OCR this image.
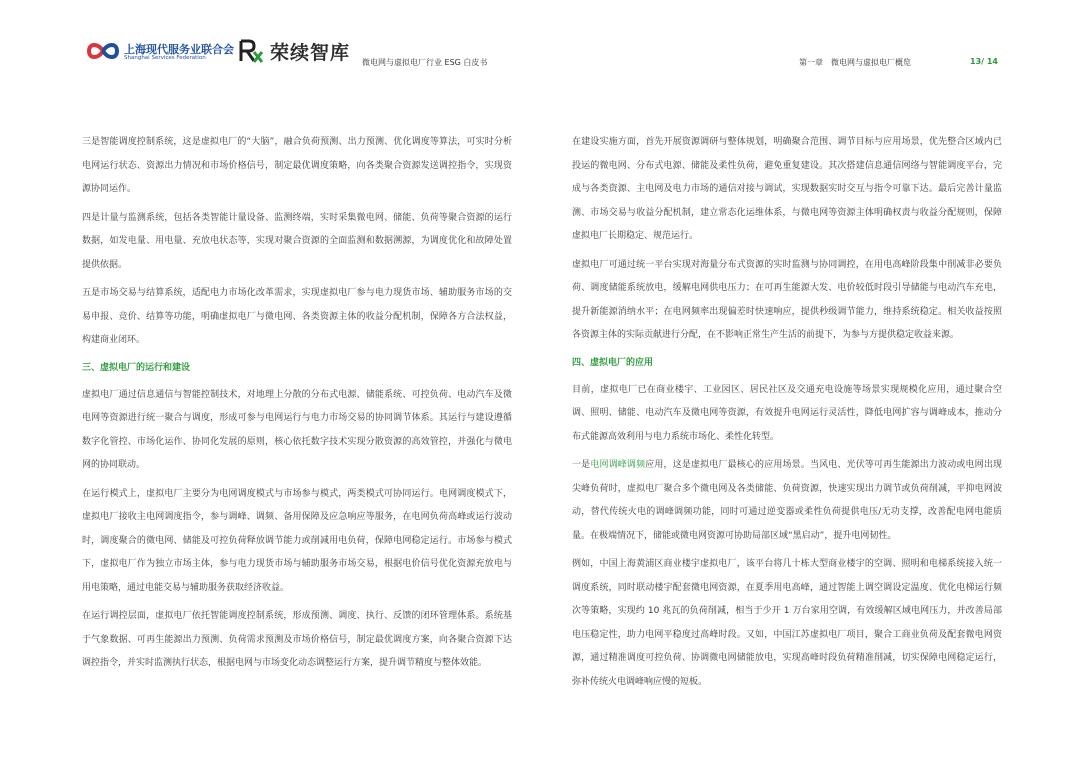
上海现代服务业联合会
Shanghai Services Federation	荣续智库 微电网与虚拟电厂行业 ESG 白皮书	第一章　微电网与虚拟电厂概览	13/ 14

三是智能调度控制系统，这是虚拟电厂的“大脑”，融合负荷预测、出力预测、优化调度等算法，可实时分析电网运行状态、资源出力情况和市场价格信号，制定最优调度策略，向各类聚合资源发送调控指令，实现资源协同运作。

四是计量与监测系统，包括各类智能计量设备、监测终端，实时采集微电网、储能、负荷等聚合资源的运行数据，如发电量、用电量、充放电状态等，实现对聚合资源的全面监测和数据溯源，为调度优化和故障处置提供依据。

五是市场交易与结算系统，适配电力市场化改革需求，实现虚拟电厂参与电力现货市场、辅助服务市场的交易申报、竞价、结算等功能，明确虚拟电厂与微电网、各类资源主体的收益分配机制，保障各方合法权益，构建商业闭环。

三、虚拟电厂的运行和建设

虚拟电厂通过信息通信与智能控制技术，对地理上分散的分布式电源、储能系统、可控负荷、电动汽车及微电网等资源进行统一聚合与调度，形成可参与电网运行与电力市场交易的协同调节体系。其运行与建设遵循数字化管控、市场化运作、协同化发展的原则，核心依托数字技术实现分散资源的高效管控，并强化与微电网的协同联动。

在运行模式上，虚拟电厂主要分为电网调度模式与市场参与模式，两类模式可协同运行。电网调度模式下，虚拟电厂接收主电网调度指令，参与调峰、调频、备用保障及应急响应等服务，在电网负荷高峰或运行波动时，调度聚合的微电网、储能及可控负荷释放调节能力或削减用电负荷，保障电网稳定运行。市场参与模式下，虚拟电厂作为独立市场主体，参与电力现货市场与辅助服务市场交易，根据电价信号优化资源充放电与用电策略，通过电能交易与辅助服务获取经济收益。

在运行调控层面，虚拟电厂依托智能调度控制系统，形成预测、调度、执行、反馈的闭环管理体系。系统基于气象数据、可再生能源出力预测、负荷需求预测及市场价格信号，制定最优调度方案，向各聚合资源下达调控指令，并实时监测执行状态，根据电网与市场变化动态调整运行方案，提升调节精度与整体效能。

在建设实施方面，首先开展资源调研与整体规划，明确聚合范围、调节目标与应用场景，优先整合区域内已投运的微电网、分布式电源、储能及柔性负荷，避免重复建设。其次搭建信息通信网络与智能调度平台，完成与各类资源、主电网及电力市场的通信对接与调试，实现数据实时交互与指令可靠下达。最后完善计量监测、市场交易与收益分配机制，建立常态化运维体系，与微电网等资源主体明确权责与收益分配规则，保障虚拟电厂长期稳定、规范运行。

虚拟电厂可通过统一平台实现对海量分布式资源的实时监测与协同调控，在用电高峰阶段集中削减非必要负荷、调度储能系统放电，缓解电网供电压力；在可再生能源大发、电价较低时段引导储能与电动汽车充电，提升新能源消纳水平；在电网频率出现偏差时快速响应，提供秒级调节能力，维持系统稳定。相关收益按照各资源主体的实际贡献进行分配，在不影响正常生产生活的前提下，为参与方提供稳定收益来源。

四、虚拟电厂的应用

目前，虚拟电厂已在商业楼宇、工业园区、居民社区及交通充电设施等场景实现规模化应用，通过聚合空调、照明、储能、电动汽车及微电网等资源，有效提升电网运行灵活性，降低电网扩容与调峰成本，推动分布式能源高效利用与电力系统市场化、柔性化转型。

一是电网调峰调频应用，这是虚拟电厂最核心的应用场景。当风电、光伏等可再生能源出力波动或电网出现尖峰负荷时，虚拟电厂聚合多个微电网及各类储能、负荷资源，快速实现出力调节或负荷削减，平抑电网波动，替代传统火电的调峰调频功能，同时可通过逆变器或柔性负荷提供电压/无功支撑，改善配电网电能质量。在极端情况下，储能或微电网资源可协助局部区域“黑启动”，提升电网韧性。

例如，中国上海黄浦区商业楼宇虚拟电厂，该平台将几十栋大型商业楼宇的空调、照明和电梯系统接入统一调度系统，同时联动楼宇配套微电网资源，在夏季用电高峰，通过智能上调空调设定温度、优化电梯运行频次等策略，实现约 10 兆瓦的负荷削减，相当于少开 1 万台家用空调，有效缓解区域电网压力，并改善局部电压稳定性，助力电网平稳度过高峰时段。又如，中国江苏虚拟电厂项目，聚合工商业负荷及配套微电网资源，通过精准调度可控负荷、协调微电网储能放电，实现高峰时段负荷精准削减，切实保障电网稳定运行，弥补传统火电调峰响应慢的短板。
